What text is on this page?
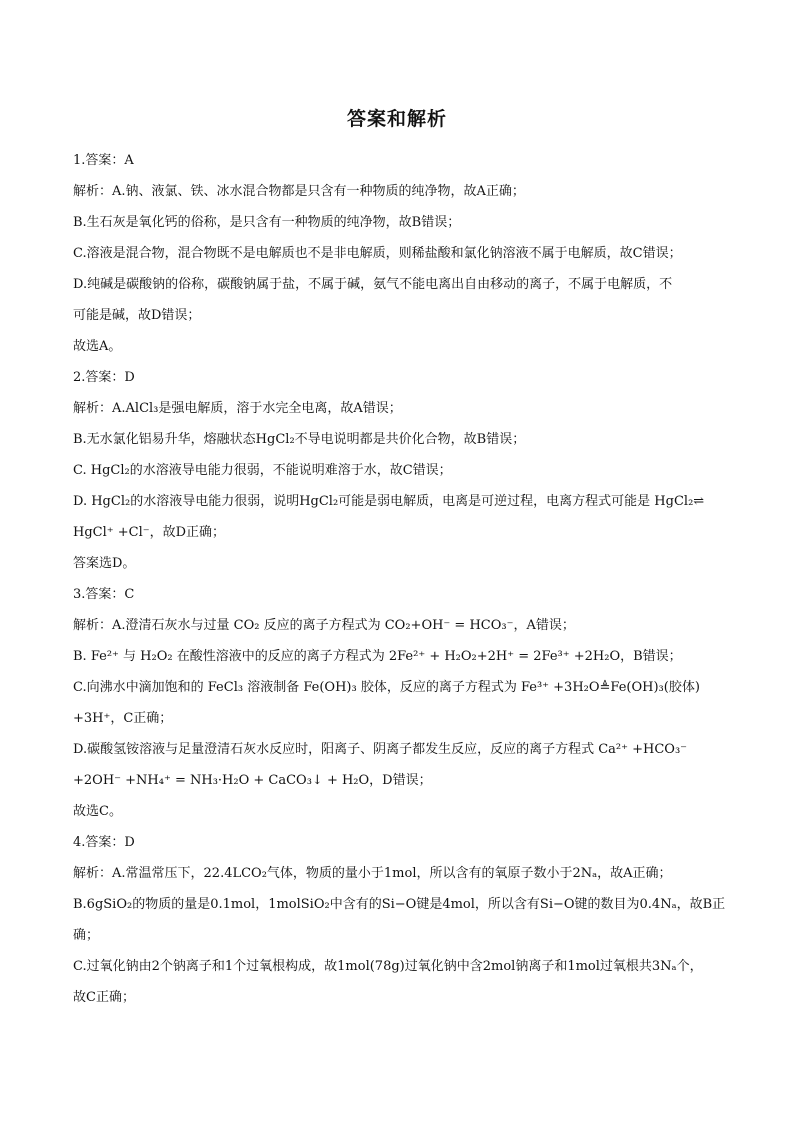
答案和解析

1.答案：A

解析：A.钠、液氯、铁、冰水混合物都是只含有一种物质的纯净物，故A正确；

B.生石灰是氧化钙的俗称，是只含有一种物质的纯净物，故B错误；

C.溶液是混合物，混合物既不是电解质也不是非电解质，则稀盐酸和氯化钠溶液不属于电解质，故C错误；

D.纯碱是碳酸钠的俗称，碳酸钠属于盐，不属于碱，氨气不能电离出自由移动的离子，不属于电解质，不

可能是碱，故D错误；

故选A。

2.答案：D

解析：A.AlCl₃是强电解质，溶于水完全电离，故A错误；

B.无水氯化铝易升华，熔融状态HgCl₂不导电说明都是共价化合物，故B错误；

C. HgCl₂的水溶液导电能力很弱，不能说明难溶于水，故C错误；

D. HgCl₂的水溶液导电能力很弱，说明HgCl₂可能是弱电解质，电离是可逆过程，电离方程式可能是 HgCl₂⇌

HgCl⁺ +Cl⁻，故D正确；

答案选D。

3.答案：C

解析：A.澄清石灰水与过量 CO₂ 反应的离子方程式为 CO₂+OH⁻ = HCO₃⁻，A错误；

B. Fe²⁺ 与 H₂O₂ 在酸性溶液中的反应的离子方程式为 2Fe²⁺ + H₂O₂+2H⁺ = 2Fe³⁺ +2H₂O，B错误；

C.向沸水中滴加饱和的 FeCl₃ 溶液制备 Fe(OH)₃ 胶体，反应的离子方程式为 Fe³⁺ +3H₂O≜Fe(OH)₃(胶体)

+3H⁺，C正确；

D.碳酸氢铵溶液与足量澄清石灰水反应时，阳离子、阴离子都发生反应，反应的离子方程式 Ca²⁺ +HCO₃⁻

+2OH⁻ +NH₄⁺ = NH₃·H₂O + CaCO₃↓ + H₂O，D错误；

故选C。

4.答案：D

解析：A.常温常压下，22.4LCO₂气体，物质的量小于1mol，所以含有的氧原子数小于2Nₐ，故A正确；

B.6gSiO₂的物质的量是0.1mol，1molSiO₂中含有的Si−O键是4mol，所以含有Si−O键的数目为0.4Nₐ，故B正

确；

C.过氧化钠由2个钠离子和1个过氧根构成，故1mol(78g)过氧化钠中含2mol钠离子和1mol过氧根共3Nₐ个，

故C正确；
